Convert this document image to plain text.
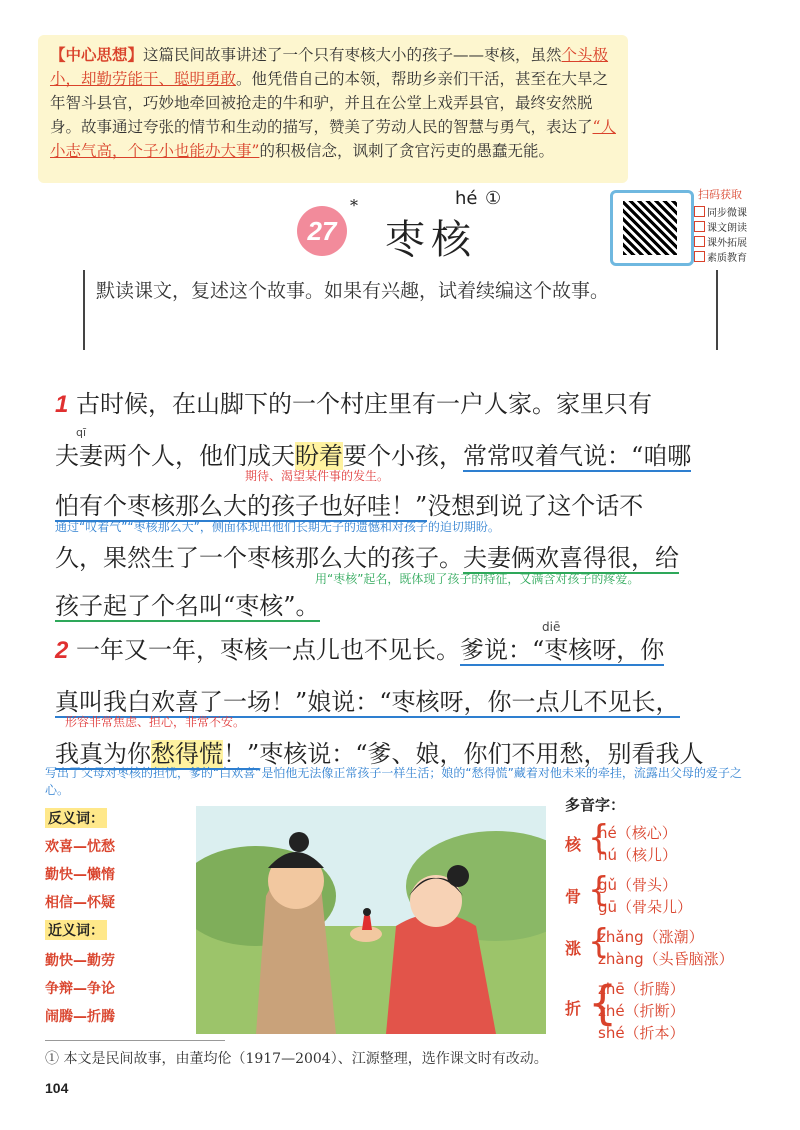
【中心思想】这篇民间故事讲述了一个只有枣核大小的孩子——枣核，虽然个头极小，却勤劳能干、聪明勇敢。他凭借自己的本领，帮助乡亲们干活，甚至在大旱之年智斗县官，巧妙地牵回被抢走的牛和驴，并且在公堂上戏弄县官，最终安然脱身。故事通过夸张的情节和生动的描写，赞美了劳动人民的智慧与勇气，表达了“人小志气高，个子小也能办大事”的积极信念，讽刺了贪官污吏的愚蠢无能。
27
*
枣核
hé ①	扫码获取
同步微课
课文朗读
课外拓展
素质教育
默读课文，复述这个故事。如果有兴趣，试着续编这个故事。
1 古时候，在山脚下的一个村庄里有一户人家。家里只有
qī
夫妻两个人，他们成天盼着要个小孩，常常叹着气说：“咱哪
期待、渴望某件事的发生。
怕有个枣核那么大的孩子也好哇！”没想到说了这个话不
通过“叹着气”“枣核那么大”，侧面体现出他们长期无子的遗憾和对孩子的迫切期盼。
久，果然生了一个枣核那么大的孩子。夫妻俩欢喜得很，给
用“枣核”起名，既体现了孩子的特征，又满含对孩子的疼爱。
孩子起了个名叫“枣核”。
diē
2 一年又一年，枣核一点儿也不见长。爹说：“枣核呀，你
真叫我白欢喜了一场！”娘说：“枣核呀，你一点儿不见长，
形容非常焦虑、担心，非常不安。
我真为你愁得慌！”枣核说：“爹、娘，你们不用愁，别看我人
写出了父母对枣核的担忧，爹的“白欢喜”是怕他无法像正常孩子一样生活；娘的“愁得慌”藏着对他未来的牵挂，流露出父母的爱子之心。
反义词：
欢喜—忧愁
勤快—懒惰
相信—怀疑
近义词：
勤快—勤劳
争辩—争论
闹腾—折腾
多音字：
核 {
hé（核心）
hú（核儿）
骨 {
gǔ（骨头）
gū（骨朵儿）
涨 {
zhǎng（涨潮）
zhàng（头昏脑涨）
折 {
zhē（折腾）
zhé（折断）
shé（折本）
① 本文是民间故事，由董均伦（1917—2004）、江源整理，选作课文时有改动。
104
